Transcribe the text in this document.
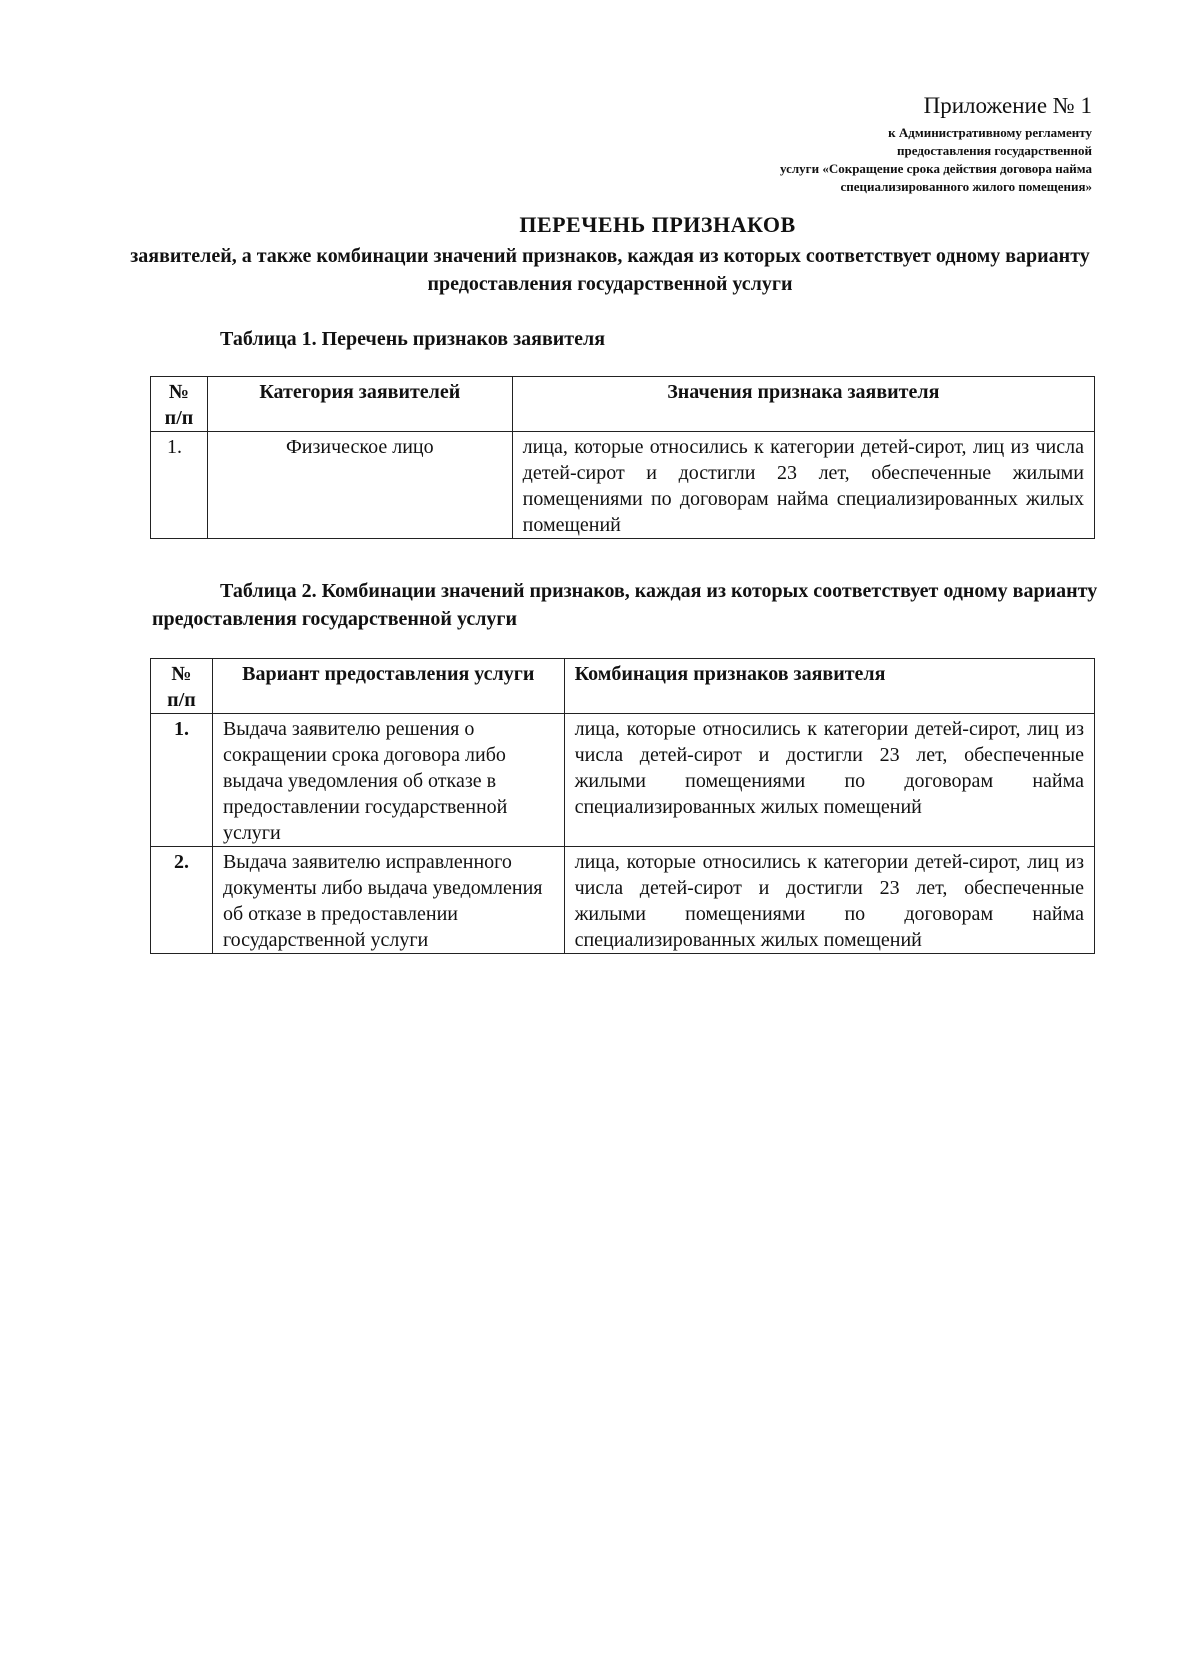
Приложение № 1
к Административному регламенту
предоставления государственной
услуги «Сокращение срока действия договора найма
специализированного жилого помещения»
ПЕРЕЧЕНЬ ПРИЗНАКОВ
заявителей, а также комбинации значений признаков, каждая из которых соответствует одному варианту предоставления государственной услуги
Таблица 1. Перечень признаков заявителя
№ п/п	Категория заявителей	Значения признака заявителя
1.	Физическое лицо	лица, которые относились к категории детей-сирот, лиц из числа детей-сирот и достигли 23 лет, обеспеченные жилыми помещениями по договорам найма специализированных жилых помещений
Таблица 2. Комбинации значений признаков, каждая из которых соответствует одному варианту предоставления государственной услуги
№ п/п	Вариант предоставления услуги	Комбинация признаков заявителя
1.	Выдача заявителю решения о сокращении срока договора либо выдача уведомления об отказе в предоставлении государственной услуги	лица, которые относились к категории детей-сирот, лиц из числа детей-сирот и достигли 23 лет, обеспеченные жилыми помещениями по договорам найма специализированных жилых помещений
2.	Выдача заявителю исправленного документы либо выдача уведомления об отказе в предоставлении государственной услуги	лица, которые относились к категории детей-сирот, лиц из числа детей-сирот и достигли 23 лет, обеспеченные жилыми помещениями по договорам найма специализированных жилых помещений
